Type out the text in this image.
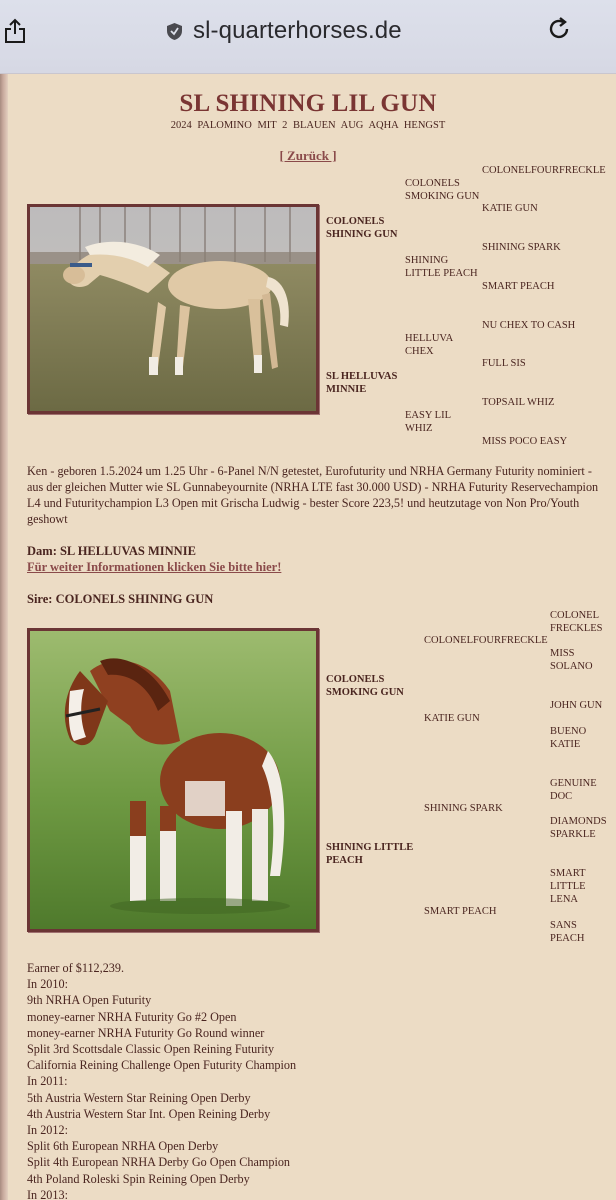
sl-quarterhorses.de
SL SHINING LIL GUN
2024 PALOMINO MIT 2 BLAUEN AUG AQHA HENGST
[ Zurück ]
COLONELFOURFRECKLE
COLONELS SMOKING GUN
KATIE GUN
COLONELS SHINING GUN
SHINING SPARK
SHINING LITTLE PEACH
SMART PEACH
NU CHEX TO CASH
HELLUVA CHEX
FULL SIS
SL HELLUVAS MINNIE
TOPSAIL WHIZ
EASY LIL WHIZ
MISS POCO EASY
Ken - geboren 1.5.2024 um 1.25 Uhr - 6-Panel N/N getestet, Eurofuturity und NRHA Germany Futurity nominiert - aus der gleichen Mutter wie SL Gunnabeyournite (NRHA LTE fast 30.000 USD) - NRHA Futurity Reservechampion L4 und Futuritychampion L3 Open mit Grischa Ludwig - bester Score 223,5! und heutzutage von Non Pro/Youth geshowt
Dam: SL HELLUVAS MINNIE
Für weiter Informationen klicken Sie bitte hier!
Sire: COLONELS SHINING GUN
COLONEL FRECKLES
COLONELFOURFRECKLE
MISS SOLANO
COLONELS SMOKING GUN
JOHN GUN
KATIE GUN
BUENO KATIE
GENUINE DOC
SHINING SPARK
DIAMONDS SPARKLE
SHINING LITTLE PEACH
SMART LITTLE LENA
SMART PEACH
SANS PEACH
Earner of $112,239.
In 2010:
9th NRHA Open Futurity
money-earner NRHA Futurity Go #2 Open
money-earner NRHA Futurity Go Round winner
Split 3rd Scottsdale Classic Open Reining Futurity
California Reining Challenge Open Futurity Champion
In 2011:
5th Austria Western Star Reining Open Derby
4th Austria Western Star Int. Open Reining Derby
In 2012:
Split 6th European NRHA Open Derby
Split 4th European NRHA Derby Go Open Champion
4th Poland Roleski Spin Reining Open Derby
In 2013:
